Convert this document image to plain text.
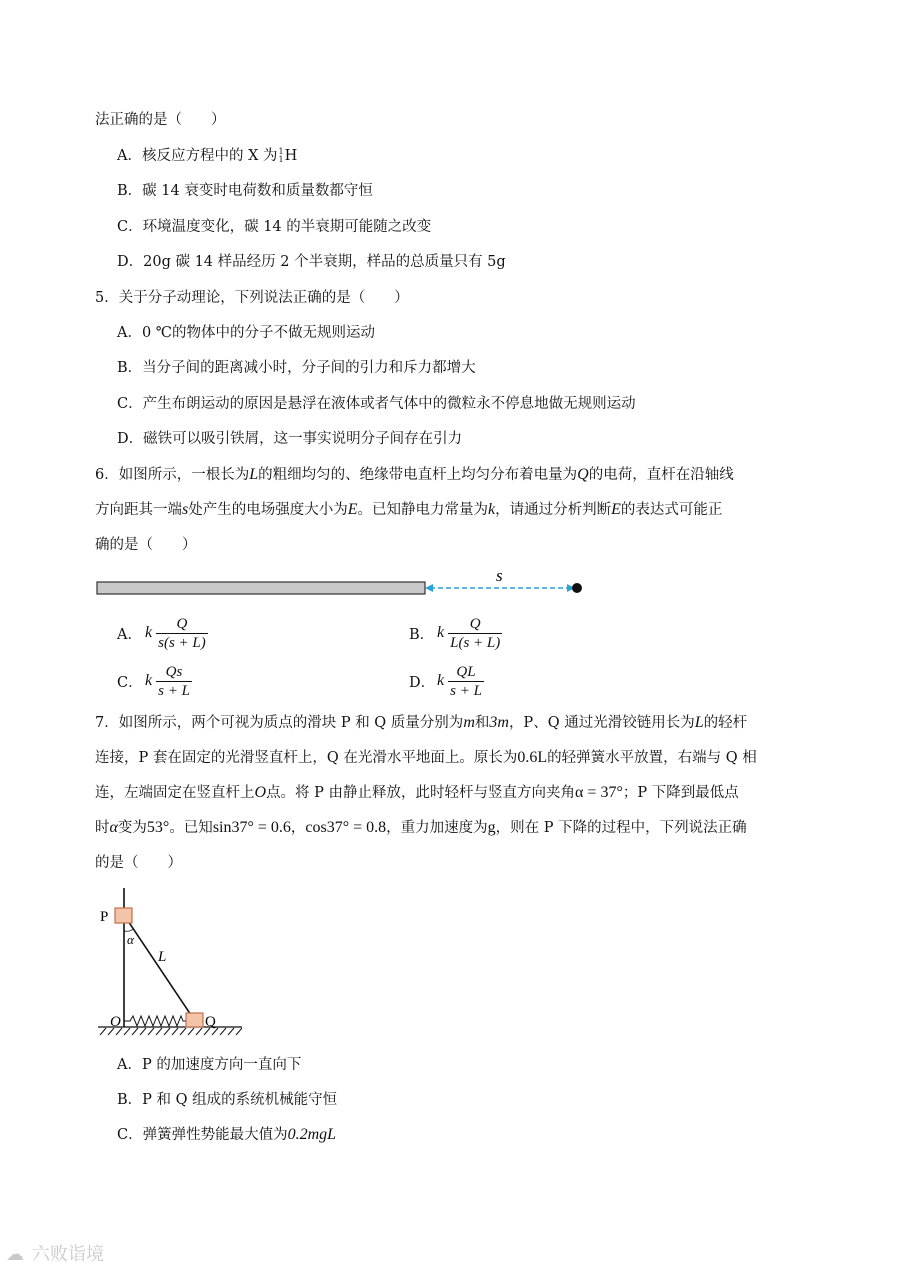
法正确的是（　　）
A．核反应方程中的 X 为 1
1 H
B．碳 14 衰变时电荷数和质量数都守恒
C．环境温度变化，碳 14 的半衰期可能随之改变
D．20g 碳 14 样品经历 2 个半衰期，样品的总质量只有 5g
5．关于分子动理论，下列说法正确的是（　　）
A．0 ℃的物体中的分子不做无规则运动
B．当分子间的距离减小时，分子间的引力和斥力都增大
C．产生布朗运动的原因是悬浮在液体或者气体中的微粒永不停息地做无规则运动
D．磁铁可以吸引铁屑，这一事实说明分子间存在引力
6．如图所示，一根长为L的粗细均匀的、绝缘带电直杆上均匀分布着电量为Q的电荷，直杆在沿轴线
方向距其一端s处产生的电场强度大小为E。已知静电力常量为k，请通过分析判断E的表达式可能正
确的是（　　）
s
A． k $\frac{Q}{s(s + L)}$	B． k $\frac{Q}{L(s + L)}$
C． k $\frac{Qs}{s + L}$	D． k $\frac{QL}{s + L}$
7．如图所示，两个可视为质点的滑块 P 和 Q 质量分别为m和3m，P、Q 通过光滑铰链用长为L的轻杆
连接，P 套在固定的光滑竖直杆上，Q 在光滑水平地面上。原长为0.6L的轻弹簧水平放置，右端与 Q 相
连，左端固定在竖直杆上O点。将 P 由静止释放，此时轻杆与竖直方向夹角α = 37°；P 下降到最低点
时α变为53°。已知sin37° = 0.6，cos37° = 0.8，重力加速度为g，则在 P 下降的过程中，下列说法正确
的是（　　）
P
α
L
O	Q
A．P 的加速度方向一直向下
B．P 和 Q 组成的系统机械能守恒
C．弹簧弹性势能最大值为0.2mgL
☁ 六败诣境
